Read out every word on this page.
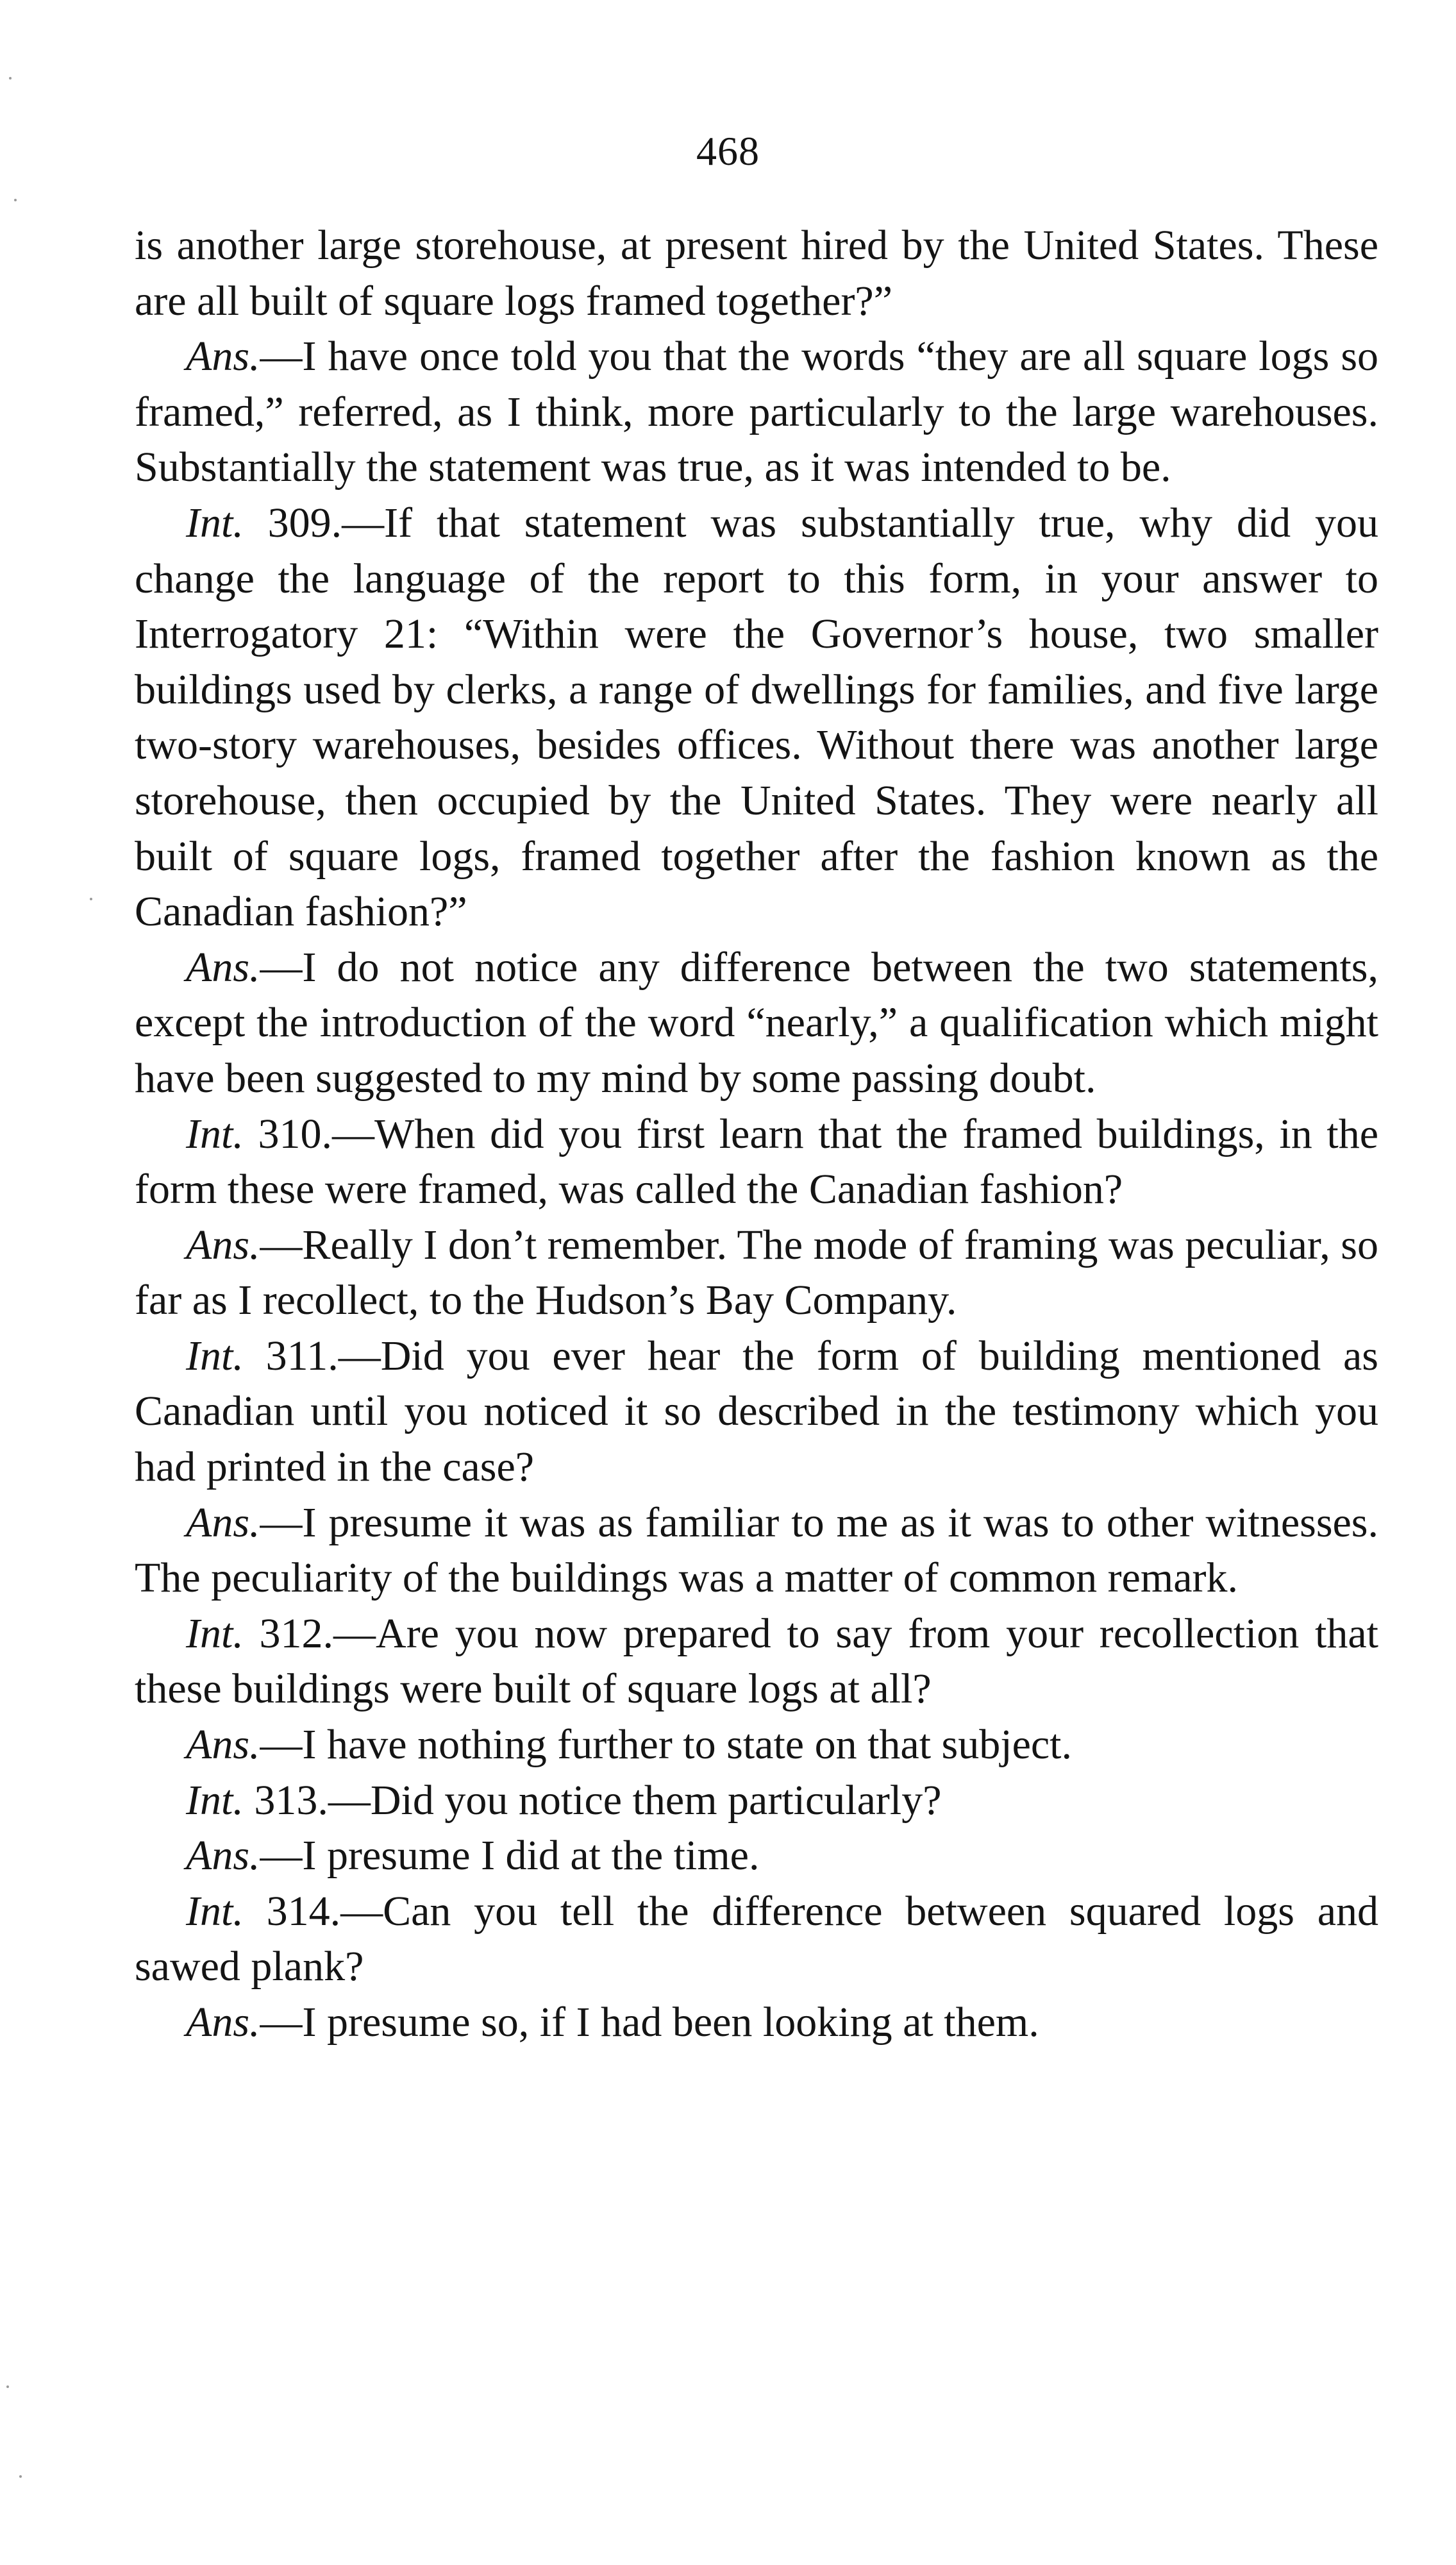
468

is another large storehouse, at present hired by the United States. These are all built of square logs framed together?”

Ans.—I have once told you that the words “they are all square logs so framed,” referred, as I think, more particularly to the large warehouses. Substantially the statement was true, as it was intended to be.

Int. 309.—If that statement was substantially true, why did you change the language of the report to this form, in your answer to Interrogatory 21: “Within were the Governor’s house, two smaller buildings used by clerks, a range of dwellings for families, and five large two-story warehouses, besides offices. Without there was another large storehouse, then occupied by the United States. They were nearly all built of square logs, framed together after the fashion known as the Canadian fashion?”

Ans.—I do not notice any difference between the two statements, except the introduction of the word “nearly,” a qualification which might have been suggested to my mind by some passing doubt.

Int. 310.—When did you first learn that the framed buildings, in the form these were framed, was called the Canadian fashion?

Ans.—Really I don’t remember. The mode of framing was peculiar, so far as I recollect, to the Hudson’s Bay Company.

Int. 311.—Did you ever hear the form of building mentioned as Canadian until you noticed it so described in the testimony which you had printed in the case?

Ans.—I presume it was as familiar to me as it was to other witnesses. The peculiarity of the buildings was a matter of common remark.

Int. 312.—Are you now prepared to say from your recollection that these buildings were built of square logs at all?

Ans.—I have nothing further to state on that subject.

Int. 313.—Did you notice them particularly?

Ans.—I presume I did at the time.

Int. 314.—Can you tell the difference between squared logs and sawed plank?

Ans.—I presume so, if I had been looking at them.
